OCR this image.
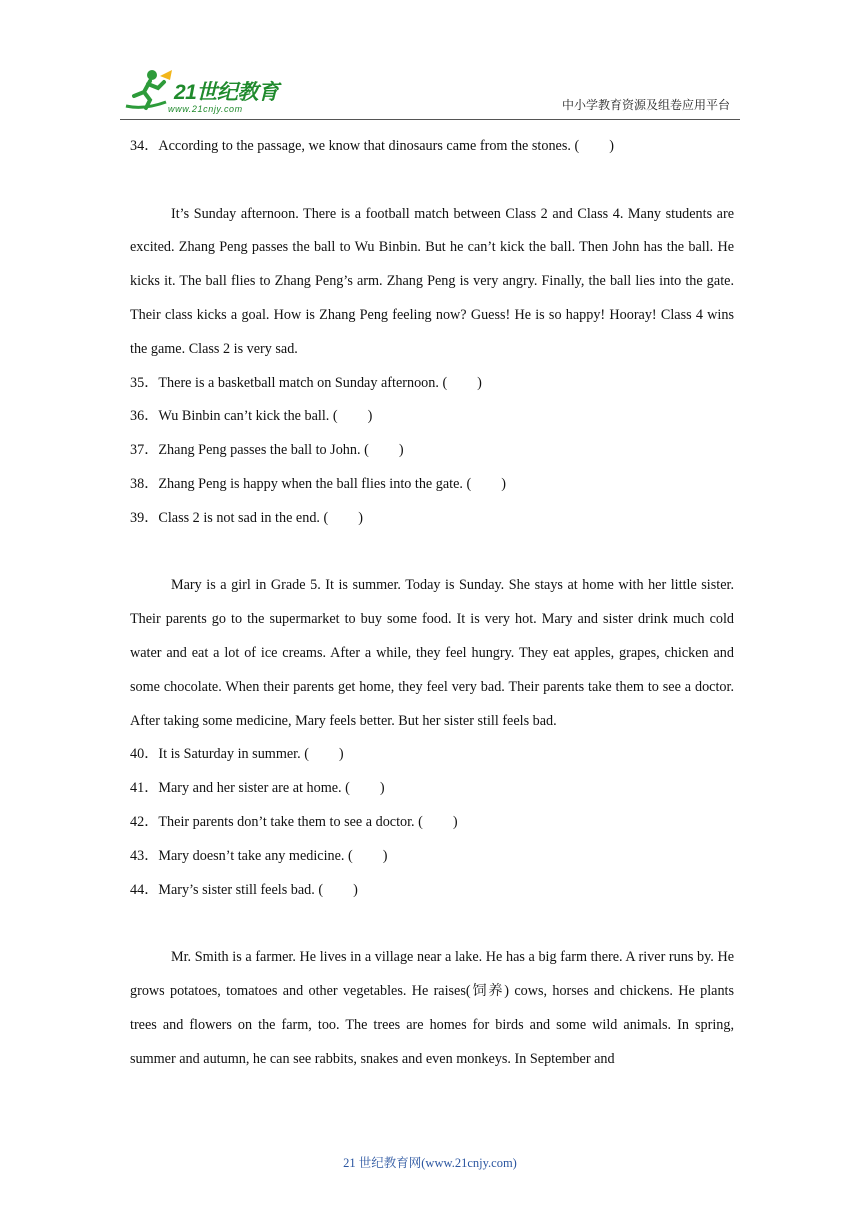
21世纪教育
www.21cnjy.com	中小学教育资源及组卷应用平台
34．According to the passage, we know that dinosaurs came from the stones. ( )

It’s Sunday afternoon. There is a football match between Class 2 and Class 4. Many students are excited. Zhang Peng passes the ball to Wu Binbin. But he can’t kick the ball. Then John has the ball. He kicks it. The ball flies to Zhang Peng’s arm. Zhang Peng is very angry. Finally, the ball lies into the gate. Their class kicks a goal. How is Zhang Peng feeling now? Guess! He is so happy! Hooray! Class 4 wins the game. Class 2 is very sad.

35．There is a basketball match on Sunday afternoon. ( )
36．Wu Binbin can’t kick the ball. ( )
37．Zhang Peng passes the ball to John. ( )
38．Zhang Peng is happy when the ball flies into the gate. ( )
39．Class 2 is not sad in the end. ( )

Mary is a girl in Grade 5. It is summer. Today is Sunday. She stays at home with her little sister. Their parents go to the supermarket to buy some food. It is very hot. Mary and sister drink much cold water and eat a lot of ice creams. After a while, they feel hungry. They eat apples, grapes, chicken and some chocolate. When their parents get home, they feel very bad. Their parents take them to see a doctor. After taking some medicine, Mary feels better. But her sister still feels bad.

40．It is Saturday in summer. ( )
41．Mary and her sister are at home. ( )
42．Their parents don’t take them to see a doctor. ( )
43．Mary doesn’t take any medicine. ( )
44．Mary’s sister still feels bad. ( )

Mr. Smith is a farmer. He lives in a village near a lake. He has a big farm there. A river runs by. He grows potatoes, tomatoes and other vegetables. He raises(饲养) cows, horses and chickens. He plants trees and flowers on the farm, too. The trees are homes for birds and some wild animals. In spring, summer and autumn, he can see rabbits, snakes and even monkeys. In September and

21 世纪教育网(www.21cnjy.com)
